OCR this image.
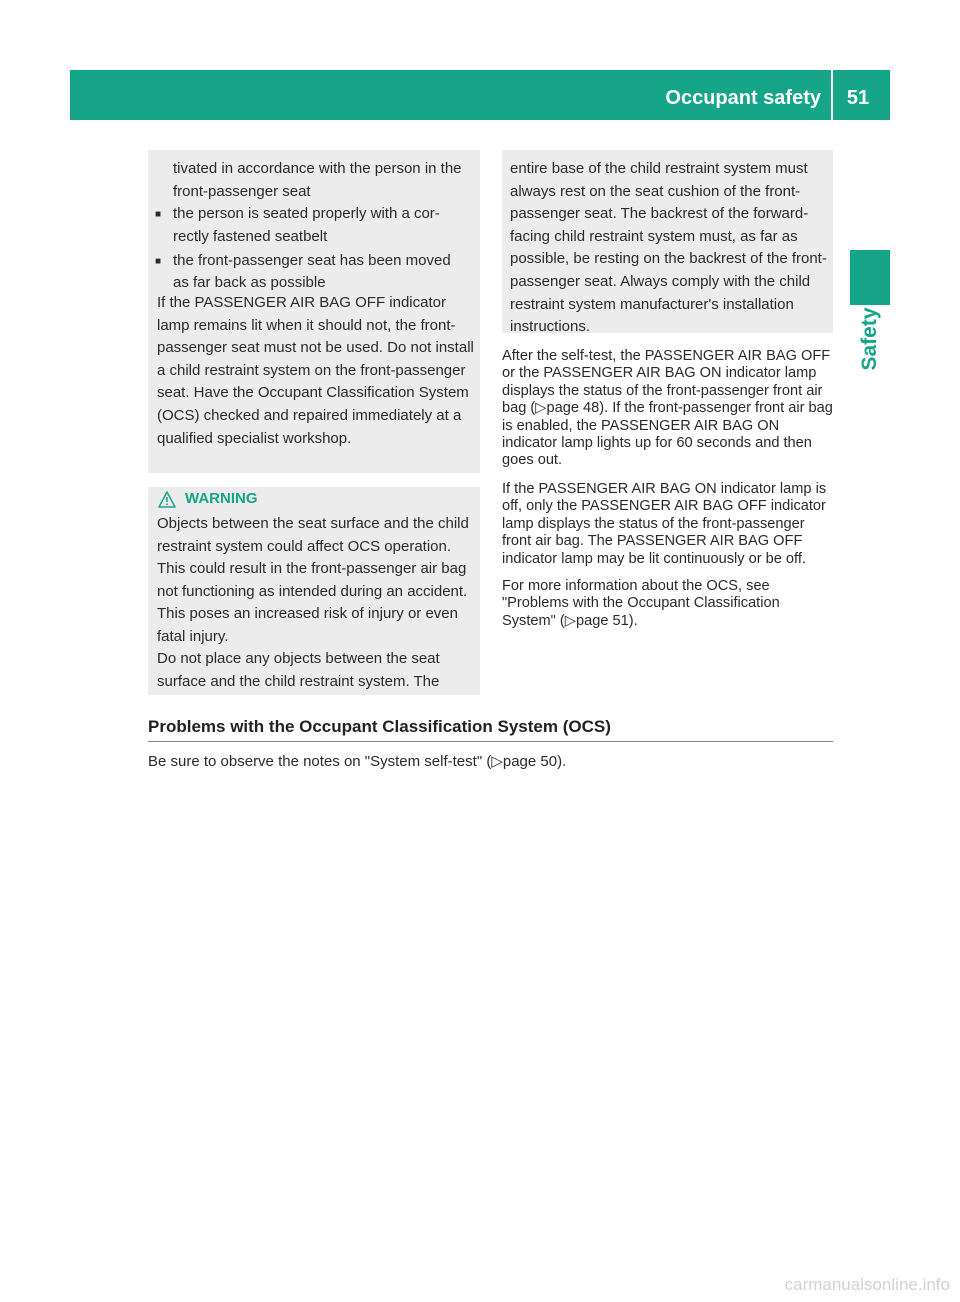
Occupant safety	51
Safety
tivated in accordance with the person in the
front-passenger seat
■ the person is seated properly with a cor-
rectly fastened seatbelt
■ the front-passenger seat has been moved
as far back as possible
If the PASSENGER AIR BAG OFF indicator lamp remains lit when it should not, the front-passenger seat must not be used. Do not install a child restraint system on the front-passenger seat. Have the Occupant Classification System (OCS) checked and repaired immediately at a qualified specialist workshop.
WARNING
Objects between the seat surface and the child restraint system could affect OCS operation. This could result in the front-passenger air bag not functioning as intended during an accident. This poses an increased risk of injury or even fatal injury.
Do not place any objects between the seat surface and the child restraint system. The
entire base of the child restraint system must always rest on the seat cushion of the front-passenger seat. The backrest of the forward-facing child restraint system must, as far as possible, be resting on the backrest of the front-passenger seat. Always comply with the child restraint system manufacturer's installation instructions.
After the self-test, the PASSENGER AIR BAG OFF or the PASSENGER AIR BAG ON indicator lamp displays the status of the front-passenger front air bag (▷page 48). If the front-passenger front air bag is enabled, the PASSENGER AIR BAG ON indicator lamp lights up for 60 seconds and then goes out.
If the PASSENGER AIR BAG ON indicator lamp is off, only the PASSENGER AIR BAG OFF indicator lamp displays the status of the front-passenger front air bag. The PASSENGER AIR BAG OFF indicator lamp may be lit continuously or be off.
For more information about the OCS, see "Problems with the Occupant Classification System" (▷page 51).
Problems with the Occupant Classification System (OCS)
Be sure to observe the notes on "System self-test" (▷page 50).
carmanualsonline.info
